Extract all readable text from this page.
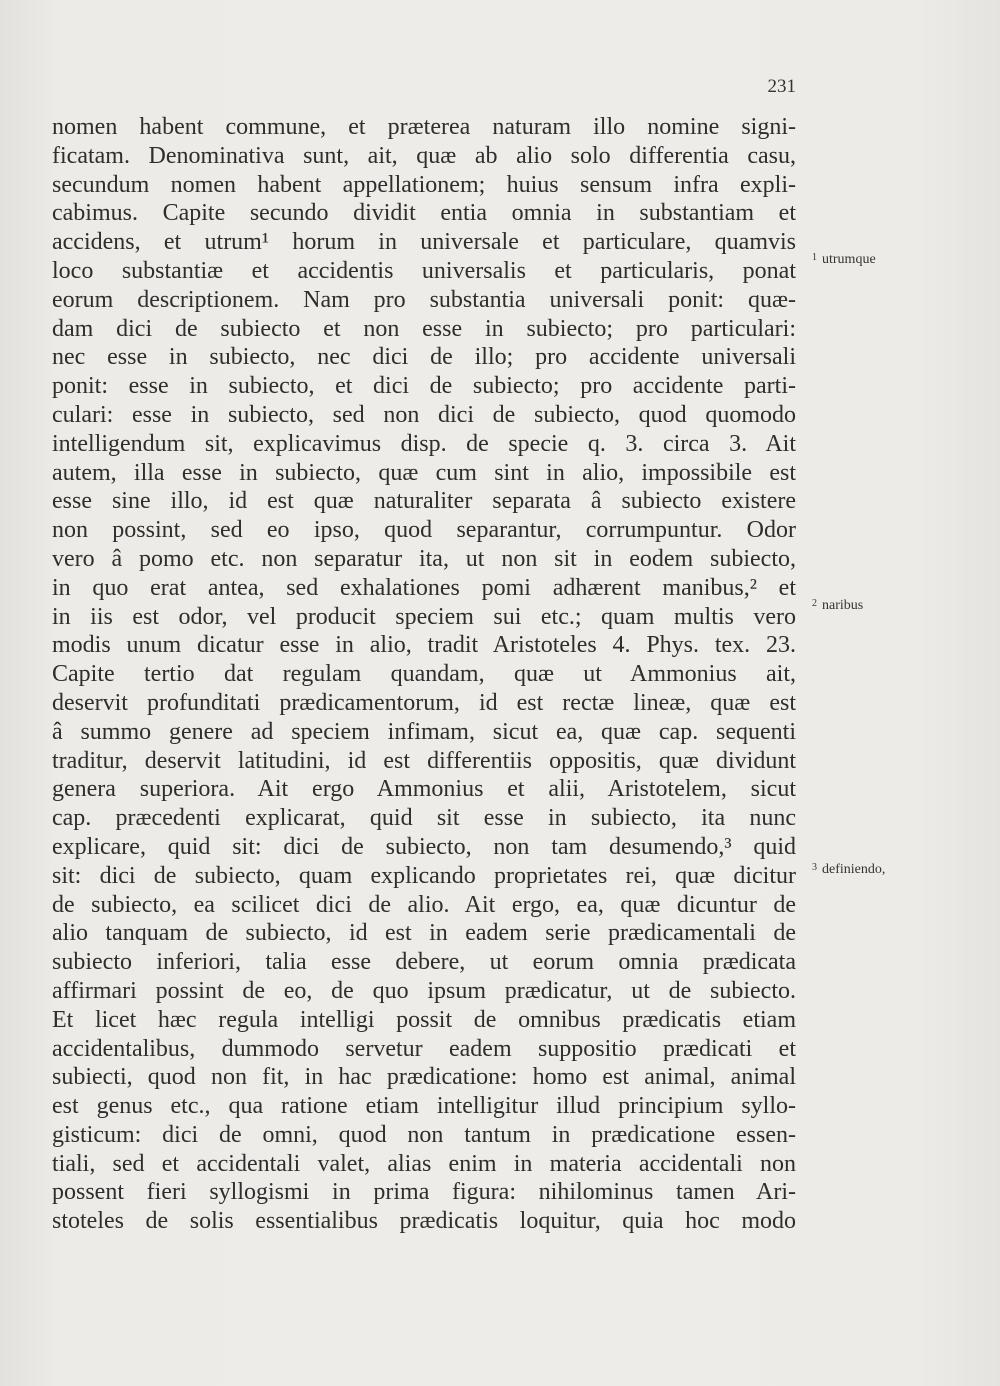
231
nomen habent commune, et præterea naturam illo nomine signi-
ficatam. Denominativa sunt, ait, quæ ab alio solo differentia casu,
secundum nomen habent appellationem; huius sensum infra expli-
cabimus. Capite secundo dividit entia omnia in substantiam et
accidens, et utrum¹ horum in universale et particulare, quamvis
loco substantiæ et accidentis universalis et particularis, ponat
eorum descriptionem. Nam pro substantia universali ponit: quæ-
dam dici de subiecto et non esse in subiecto; pro particulari:
nec esse in subiecto, nec dici de illo; pro accidente universali
ponit: esse in subiecto, et dici de subiecto; pro accidente parti-
culari: esse in subiecto, sed non dici de subiecto, quod quomodo
intelligendum sit, explicavimus disp. de specie q. 3. circa 3. Ait
autem, illa esse in subiecto, quæ cum sint in alio, impossibile est
esse sine illo, id est quæ naturaliter separata â subiecto existere
non possint, sed eo ipso, quod separantur, corrumpuntur. Odor
vero â pomo etc. non separatur ita, ut non sit in eodem subiecto,
in quo erat antea, sed exhalationes pomi adhærent manibus,² et
in iis est odor, vel producit speciem sui etc.; quam multis vero
modis unum dicatur esse in alio, tradit Aristoteles 4. Phys. tex. 23.
Capite tertio dat regulam quandam, quæ ut Ammonius ait,
deservit profunditati prædicamentorum, id est rectæ lineæ, quæ est
â summo genere ad speciem infimam, sicut ea, quæ cap. sequenti
traditur, deservit latitudini, id est differentiis oppositis, quæ dividunt
genera superiora. Ait ergo Ammonius et alii, Aristotelem, sicut
cap. præcedenti explicarat, quid sit esse in subiecto, ita nunc
explicare, quid sit: dici de subiecto, non tam desumendo,³ quid
sit: dici de subiecto, quam explicando proprietates rei, quæ dicitur
de subiecto, ea scilicet dici de alio. Ait ergo, ea, quæ dicuntur de
alio tanquam de subiecto, id est in eadem serie prædicamentali de
subiecto inferiori, talia esse debere, ut eorum omnia prædicata
affirmari possint de eo, de quo ipsum prædicatur, ut de subiecto.
Et licet hæc regula intelligi possit de omnibus prædicatis etiam
accidentalibus, dummodo servetur eadem suppositio prædicati et
subiecti, quod non fit, in hac prædicatione: homo est animal, animal
est genus etc., qua ratione etiam intelligitur illud principium syllo-
gisticum: dici de omni, quod non tantum in prædicatione essen-
tiali, sed et accidentali valet, alias enim in materia accidentali non
possent fieri syllogismi in prima figura: nihilominus tamen Ari-
stoteles de solis essentialibus prædicatis loquitur, quia hoc modo
$^1$ utrumque
$^2$ naribus
$^3$ definiendo,
